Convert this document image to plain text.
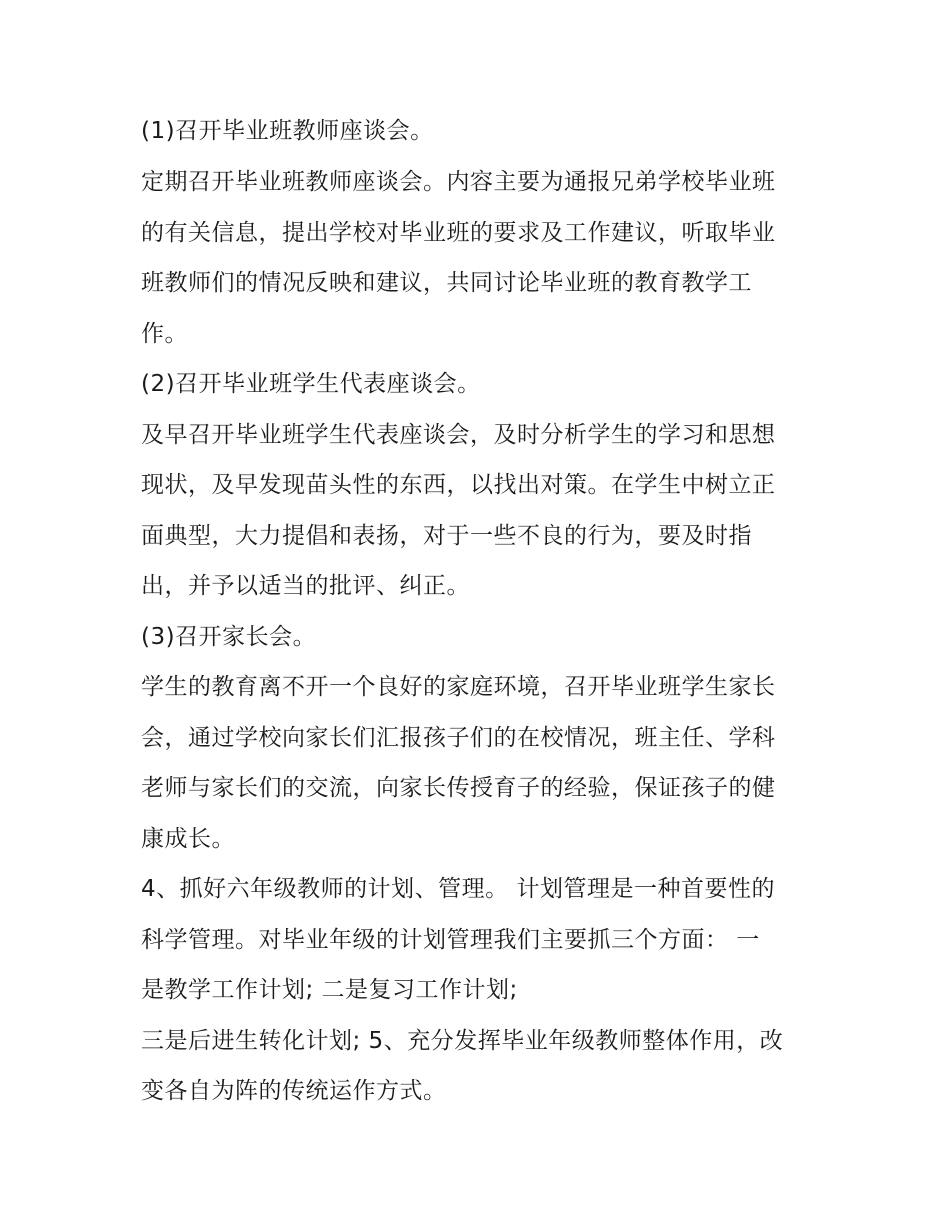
(1)召开毕业班教师座谈会。

定期召开毕业班教师座谈会。内容主要为通报兄弟学校毕业班

的有关信息，提出学校对毕业班的要求及工作建议，听取毕业

班教师们的情况反映和建议，共同讨论毕业班的教育教学工

作。

(2)召开毕业班学生代表座谈会。

及早召开毕业班学生代表座谈会，及时分析学生的学习和思想

现状，及早发现苗头性的东西，以找出对策。在学生中树立正

面典型，大力提倡和表扬，对于一些不良的行为，要及时指

出，并予以适当的批评、纠正。

(3)召开家长会。

学生的教育离不开一个良好的家庭环境，召开毕业班学生家长

会，通过学校向家长们汇报孩子们的在校情况，班主任、学科

老师与家长们的交流，向家长传授育子的经验，保证孩子的健

康成长。

4、抓好六年级教师的计划、管理。 计划管理是一种首要性的

科学管理。对毕业年级的计划管理我们主要抓三个方面： 一

是教学工作计划; 二是复习工作计划;

三是后进生转化计划; 5、充分发挥毕业年级教师整体作用，改

变各自为阵的传统运作方式。
